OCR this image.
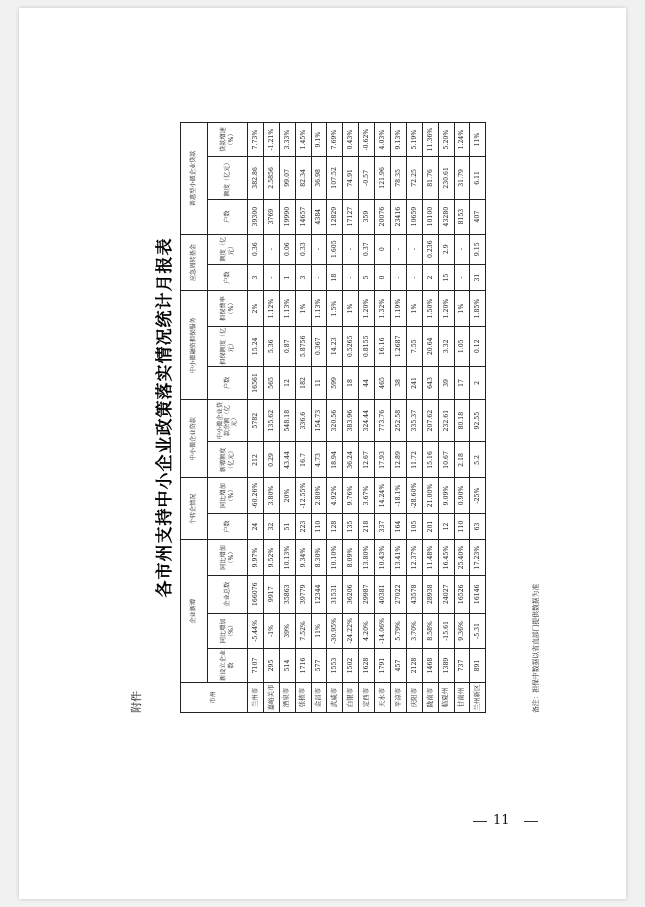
附件
各市州支持中小企业政策落实情况统计月报表
市州	企业新增				个转企情况		中小微企业贷款		中小微融资担保服务			应急周转基金		普惠型小微企业贷款		
	新设立企业数	同比增加（%）	企业总数	同比增加（%）	户数	同比增加（%）	新增额度（亿元）	中小微企业贷款余额（亿元）	户数	担保额度（亿元）	担保费率（%）	户数	额度（亿元）	户数	额度（亿元）	贷款增速（%）

兰州市	7107	-5.44%	166076	9.97%	24	-60.26%	212	5782	16561	15.24	2%	3	0.36	39300	382.86	7.73%
嘉峪关市	295	-1%	9917	9.52%	32	3.80%	0.29	135.62	565	5.36	1.12%	-	-	3769	2.5856	-1.21%
酒泉市	514	39%	35863	10.13%	51	20%	43.44	548.18	12	0.87	1.13%	1	0.06	19990	99.07	3.33%
张掖市	1716	7.52%	39779	9.34%	223	-12.55%	16.7	336.6	182	5.8756	1%	3	0.33	14657	82.34	1.45%
金昌市	577	11%	12344	8.30%	110	2.80%	4.73	154.73	11	0.367	1.13%	-	-	4384	36.98	9.1%
武威市	1553	-30.95%	31531	10.10%	128	4.92%	18.94	320.56	599	14.23	1.5%	18	1.605	12829	107.52	7.69%
白银市	1502	-24.22%	36206	8.09%	135	9.76%	36.24	383.96	18	0.5265	1%	-	-	17127	74.91	0.43%
定西市	1628	4.20%	29987	13.80%	218	3.67%	12.67	324.44	44	0.8155	1.20%	5	0.37	359	-0.57	-0.62%
天水市	1791	-14.06%	40381	10.43%	337	14.24%	17.93	773.76	465	16.16	1.32%	0	0	20076	121.96	4.03%
平凉市	457	5.79%	27022	13.41%	164	-18.1%	12.89	252.58	38	1.2687	1.19%	-	-	23416	78.35	9.13%
庆阳市	2128	3.70%	43578	12.37%	105	-28.60%	11.72	335.37	241	7.55	1%	-	-	10659	72.25	5.19%
陇南市	1468	8.58%	28938	11.48%	201	21.00%	15.16	207.62	643	20.64	1.50%	2	0.236	10100	81.76	11.36%
临夏州	1389	-15.61	24027	16.45%	12	9.09%	10.67	232.61	39	3.32	1.20%	15	2.9	43280	230.61	5.20%
甘南州	737	9.36%	16526	25.40%	110	0.90%	2.18	80.18	17	1.05	1%	-	-	8153	31.79	1.24%
兰州新区	891	-5.31	16146	17.23%	63	-25%	5.2	92.55	2	0.12	1.85%	31	9.15	407	6.11	11%
备注：担保中数据以省直部门提供数据为准
11
